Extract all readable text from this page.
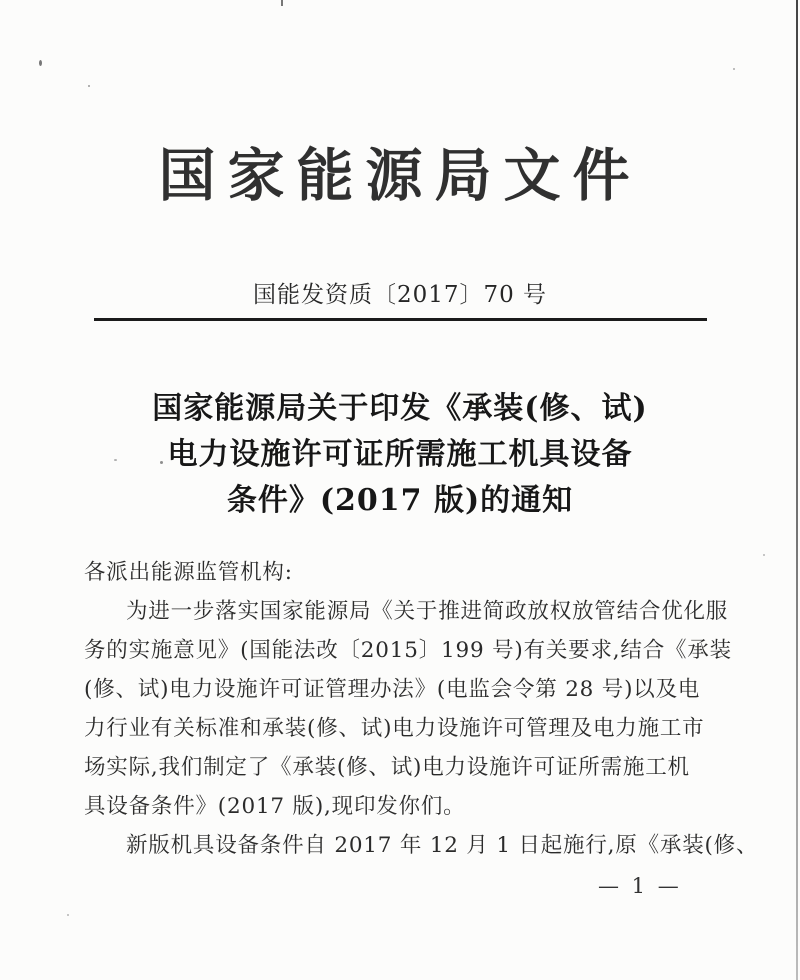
国家能源局文件
国能发资质〔2017〕70 号
国家能源局关于印发《承装(修、试)
电力设施许可证所需施工机具设备
条件》(2017 版)的通知
各派出能源监管机构:
为进一步落实国家能源局《关于推进简政放权放管结合优化服
务的实施意见》(国能法改〔2015〕199 号)有关要求,结合《承装
(修、试)电力设施许可证管理办法》(电监会令第 28 号)以及电
力行业有关标准和承装(修、试)电力设施许可管理及电力施工市
场实际,我们制定了《承装(修、试)电力设施许可证所需施工机
具设备条件》(2017 版),现印发你们。
新版机具设备条件自 2017 年 12 月 1 日起施行,原《承装(修、
— 1 —
